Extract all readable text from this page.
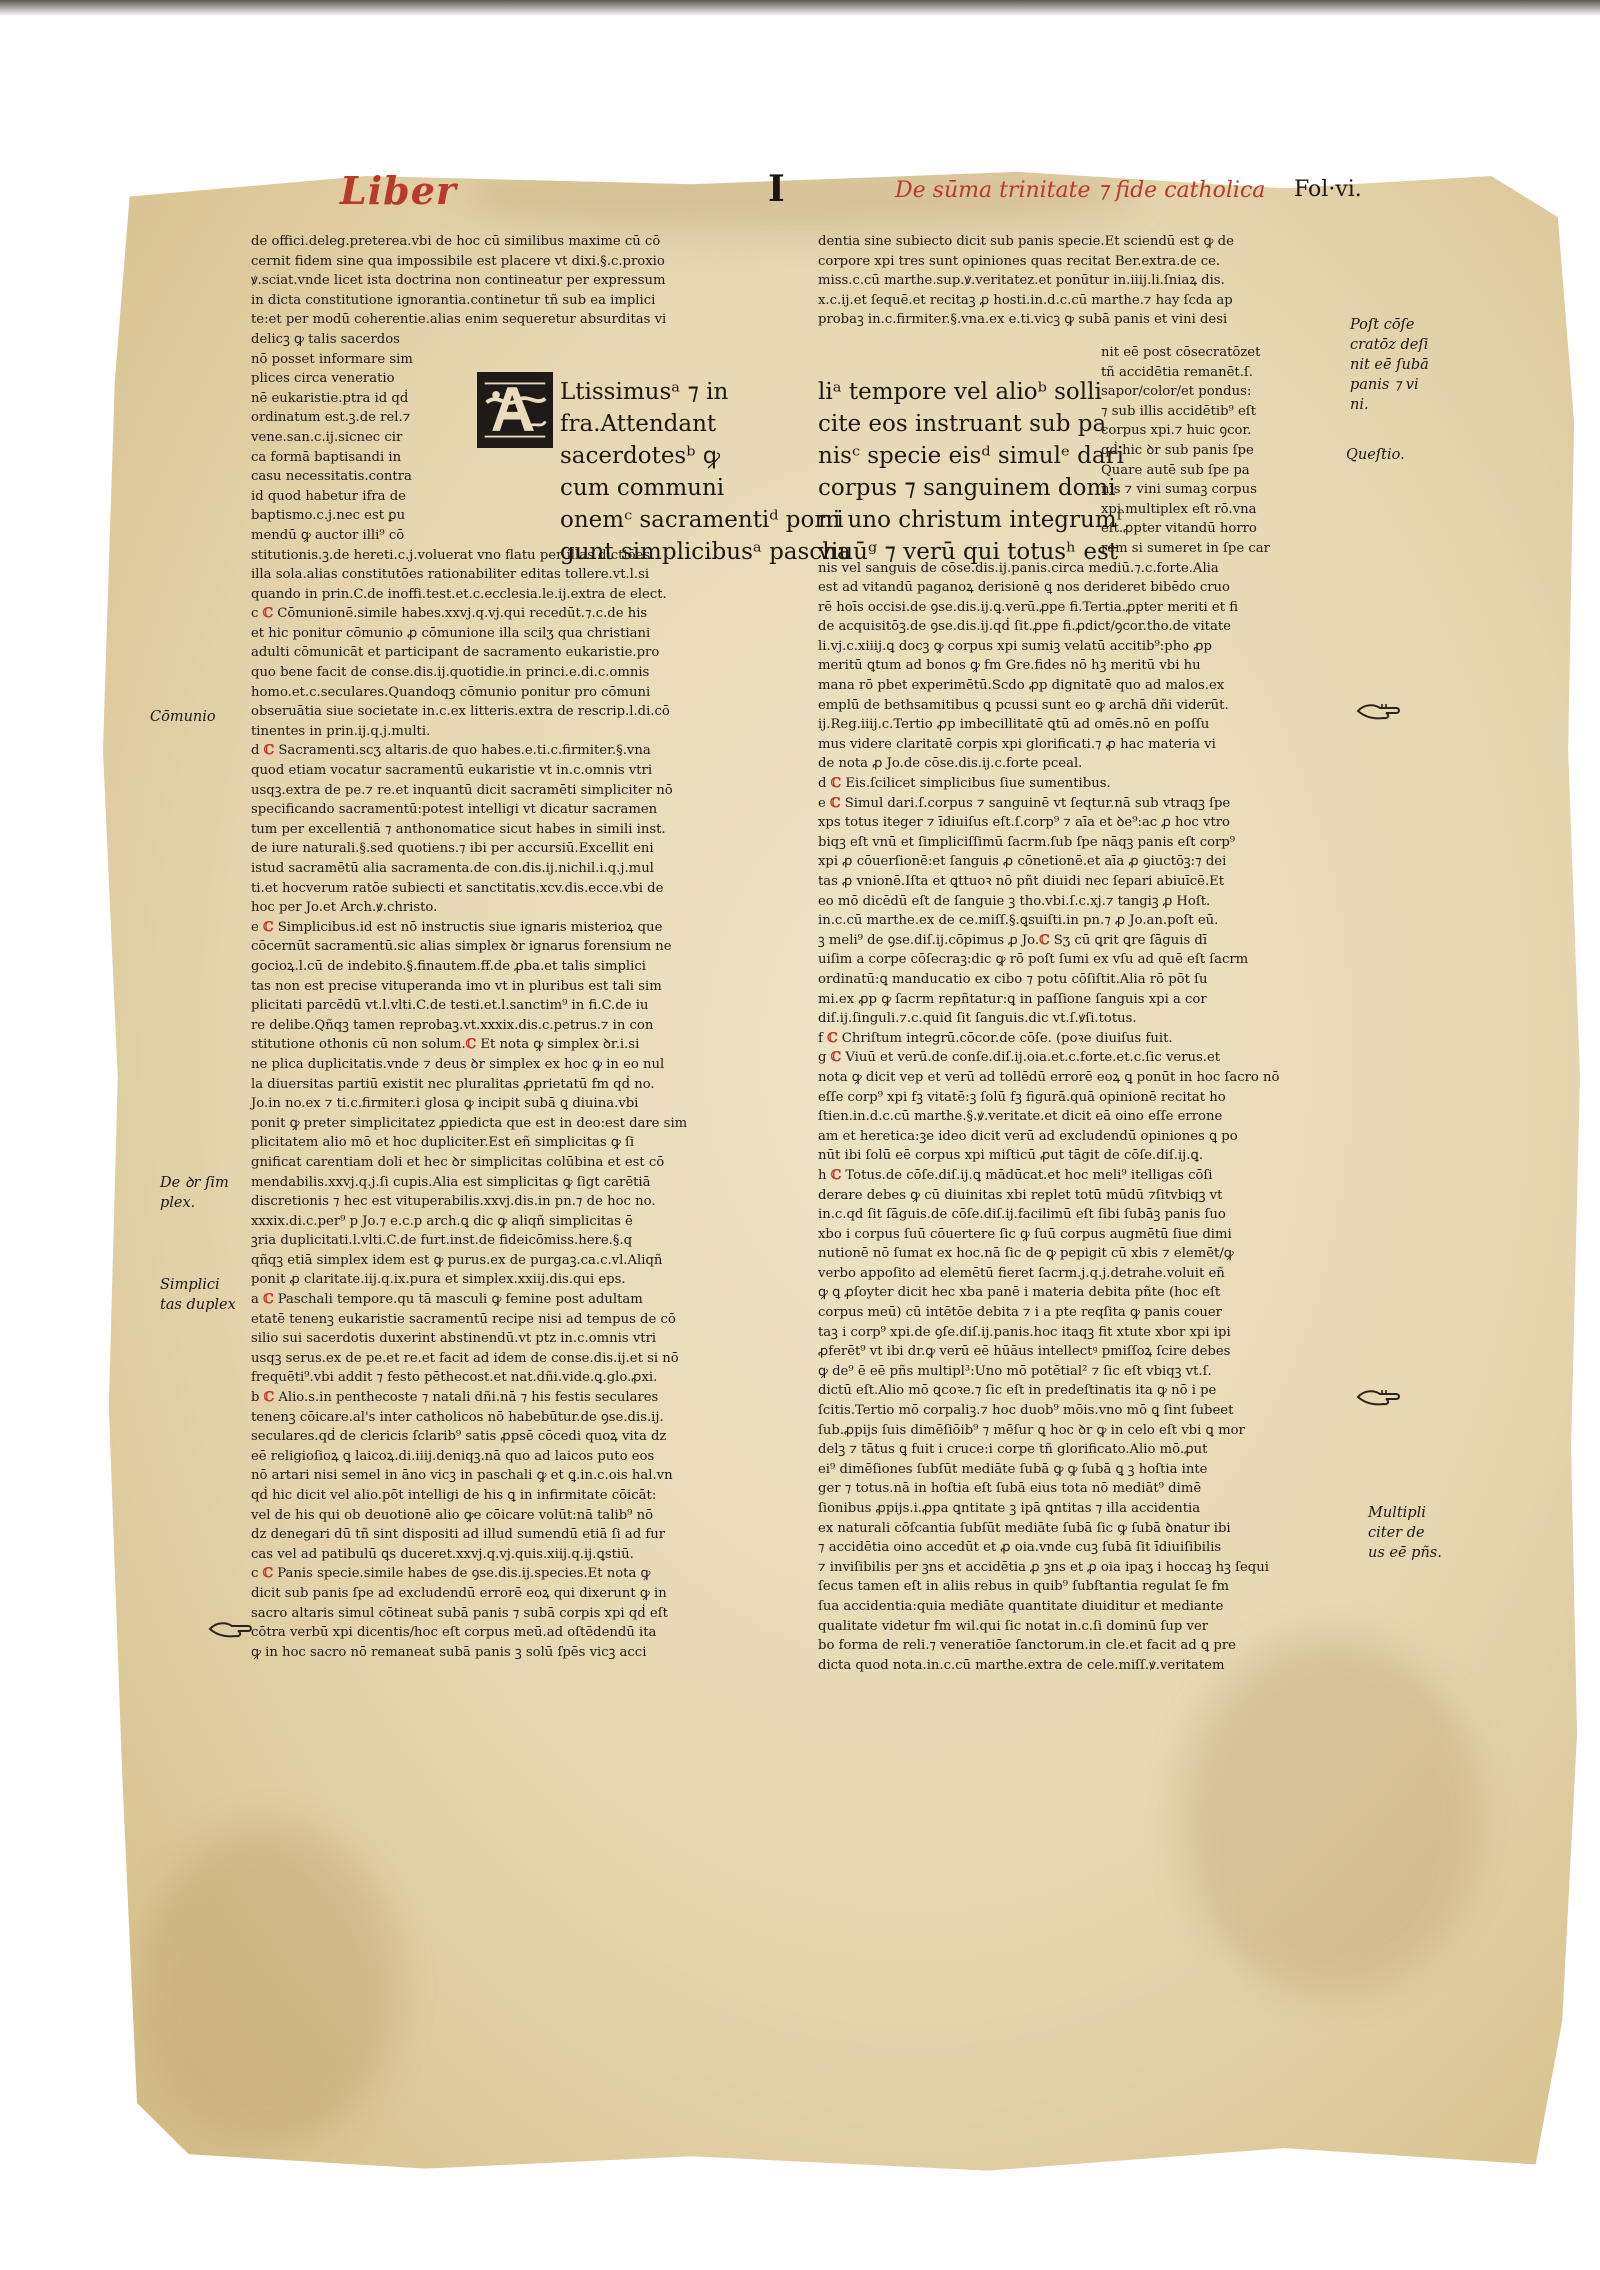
Liber	I	De sūma trinitate ⁊ fide catholica Fol·vi.
de offici.deleg.preterea.vbi de hoc cū similibus maxime cū cō
cernit fidem sine qua impossibile est placere vt dixi.§.c.proxio
ꝟ.sciat.vnde licet ista doctrina non contineatur per expressum
in dicta constitutione ignorantia.continetur tñ sub ea implici
te:et per modū coherentie.alias enim sequeretur absurditas vi
delicꝫ ꝙ talis sacerdos
nō posset informare sim
plices circa veneratio
nē eukaristie.ptra id qḋ
ordinatum est.ꝫ.de rel.⁊
vene.san.c.ij.sicnec cir
ca formā baptisandi in
casu necessitatis.contra
id quod habetur ifra de
baptismo.c.j.nec est ꝑu
mendū ꝙ auctor illi⁹ cō
stitutionis.ꝫ.de hereti.c.j.voluerat vno flatu per illas dictiōes
illa sola.alias constitutōes rationabiliter editas tollere.vt.l.si
quando in prin.C.de inoffi.test.et.c.ecclesia.le.ij.extra de elect.
c ℂ Cōmunionē.simile habes.xxvj.q.vj.qui recedūt.⁊.c.de his
et hic ponitur cōmunio ꝓ cōmunione illa scilʒ qua christiani
adulti cōmunicāt et participant de sacramento eukaristie.pro
quo bene facit de conse.dis.ij.quotidie.in princi.e.di.c.omnis
homo.et.c.seculares.Quandoqꝫ cōmunio ponitur pro cōmuni
obseruātia siue societate in.c.ex litteris.extra de rescrip.l.di.cō
tinentes in prin.ij.q.j.multi.
d ℂ Sacramenti.scʒ altaris.de quo habes.e.ti.c.firmiter.§.vna
quod etiam vocatur sacramentū eukaristie vt in.c.omnis vtri
usqꝫ.extra de pe.⁊ re.et inquantū dicit sacramēti simpliciter nō
specificando sacramentū:potest intelligi vt dicatur sacramen
tum per excellentiā ⁊ anthonomatice sicut habes in simili inst.
de iure naturali.§.sed quotiens.⁊ ibi per accursiū.Excellit eni
istud sacramētū alia sacramenta.de con.dis.ij.nichil.i.q.j.mul
ti.et hocverum ratōe subiecti et sanctitatis.xcv.dis.ecce.vbi de
hoc per Jo.et Arch.ꝟ.christo.
e ℂ Simplicibus.id est nō instructis siue ignaris misterioꝝ que
cōcernūt sacramentū.sic alias simplex ꝺr ignarus forensium ne
gocioꝝ.l.cū de indebito.§.finautem.ff.de ꝓba.et talis simplici
tas non est precise vituperanda imo vt in pluribus est tali sim
plicitati parcēdū vt.l.vlti.C.de testi.et.l.sanctim⁹ in fi.C.de iu
re delibe.Qñqꝫ tamen reprobaꝫ.vt.xxxix.dis.c.petrus.⁊ in con
stitutione othonis cū non solum.ℂ Et nota ꝙ simplex ꝺr.i.si
ne plica duplicitatis.vnde ⁊ deus ꝺr simplex ex hoc ꝙ in eo nul
la diuersitas partiū existit nec pluralitas ꝓprietatū fm qḋ no.
Jo.in no.ex ⁊ ti.c.firmiter.i glosa ꝙ incipit subā ꝗ diuina.vbi
ponit ꝙ preter simplicitatez ꝓpiedicta que est in deo:est dare sim
plicitatem alio mō et hoc dupliciter.Est eñ simplicitas ꝙ ſi
gnificat carentiam doli et hec ꝺr simplicitas colūbina et est cō
mendabilis.xxvj.q.j.ſi cupis.Alia est simplicitas ꝙ ſigt carētiā
discretionis ⁊ hec est vituperabilis.xxvj.dis.in pn.⁊ de hoc no.
xxxix.di.c.per⁹ p Jo.⁊ e.c.p arch.ꝗ dic ꝙ aliqñ simplicitas ē
ꝫria duplicitati.l.vlti.C.de furt.inst.de fideicōmiss.here.§.q
qñqꝫ etiā simplex idem est ꝙ purus.ex de purgaꝫ.ca.c.vl.Aliqñ
ponit ꝓ claritate.iij.q.ix.pura et simplex.xxiij.dis.qui eps.
a ℂ Paschali tempore.qu tā masculi ꝙ femine post adultam
etatē tenenꝫ eukaristie sacramentū recipe nisi ad tempus de cō
silio sui sacerdotis duxerint abstinendū.vt ptz in.c.omnis vtri
usqꝫ serus.ex de pe.et re.et facit ad idem de conse.dis.ij.et si nō
frequēti⁹.vbi addit ⁊ festo pēthecost.et nat.dñi.vide.ꝗ.glo.ꝓxi.
b ℂ Alio.s.in penthecoste ⁊ natali dñi.nā ⁊ his festis seculares
tenenꝫ cōicare.al's inter catholicos nō habebūtur.de ꝯse.dis.ij.
seculares.qḋ de clericis ſclarib⁹ satis ꝓpsē cōcedi quoꝝ vita dz
eē religioſioꝝ ꝗ laicoꝝ.di.iiij.deniqꝫ.nā quo ad laicos puto eos
nō artari nisi semel in āno vicꝫ in paschali ꝙ et ꝗ.in.c.ois hal.vn
qḋ hic dicit vel alio.pōt intelligi de his ꝗ in infirmitate cōicāt:
vel de his qui ob deuotionē alio ꝙe cōicare volūt:nā talib⁹ nō
dz denegari dū tñ sint dispositi ad illud sumendū etiā ſi ad fur
cas vel ad patibulū ꝗs duceret.xxvj.q.vj.quis.xiij.q.ij.ꝗstiū.
c ℂ Panis specie.simile habes de ꝯse.dis.ij.species.Et nota ꝙ
dicit sub panis ſpe ad excludendū errorē eoꝝ qui dixerunt ꝙ in
sacro altaris simul cōtineat subā panis ⁊ subā corpis xpi qḋ eſt
cōtra verbū xpi dicentis/hoc eſt corpus meū.ad oſtēdendū ita
ꝙ in hoc sacro nō remaneat subā panis ꝫ solū ſpēs vicꝫ acci
Ltissimusᵃ ⁊ in
fra.Attendant
sacerdotesᵇ ꝙ
cum communi
onemᶜ sacramentiᵈ porri
gunt simplicibusᵃ pascha
liᵃ tempore vel alioᵇ solli
cite eos instruant sub pa
nisᶜ specie eisᵈ simulᵉ dari
corpus ⁊ sanguinem domi
ni uno christum integrumᶠ
viuūᵍ ⁊ verū qui totusʰ est
dentia sine subiecto dicit sub panis specie.Et sciendū est ꝙ de
corpore xpi tres sunt opiniones quas recitat Ber.extra.de ce.
miss.c.cū marthe.sup.ꝟ.veritatez.et ponūtur in.iiij.li.ſniaꝝ dis.
x.c.ij.et ſequē.et recitaꝫ ꝓ hosti.in.d.c.cū marthe.⁊ hay ſcda ap
probaꝫ in.c.firmiter.§.vna.ex e.ti.vicꝫ ꝙ subā panis et vini desi
nit eē post cōsecratōzet
tñ accidētia remanēt.ſ.
sapor/color/et pondus:
⁊ sub illis accidētib⁹ eſt
corpus xpi.⁊ huic ꝯcor.
qḋ hic ꝺr sub panis ſpe
Quare autē sub ſpe pa
nis ⁊ vini sumaꝫ corpus
xpi.multiplex eſt rō.vna
eſt.ꝓpter vitandū horro
rem si sumeret in ſpe car
nis vel sanguis de cōse.dis.ij.panis.circa mediū.⁊.c.forte.Alia
est ad vitandū paganoꝝ derisionē ꝗ nos derideret bibēdo cruo
rē hoīs occisi.de ꝯse.dis.ij.ꝗ.verū.ꝓpe fi.Tertia.ꝓpter meriti et fi
de acquisitōꝫ.de ꝯse.dis.ij.qḋ ſit.ꝓpe fi.ꝓdict/ꝯcor.tho.de vitate
li.vj.c.xiiij.ꝗ docꝫ ꝙ corpus xpi sumiꝫ velatū accitib⁹:pho ꝓp
meritū ꝗtum ad bonos ꝙ fm Gre.fides nō hꝫ meritū vbi hu
mana rō pbet experimētū.Scdo ꝓp dignitatē quo ad malos.ex
emplū de bethsamitibus ꝗ pcussi sunt eo ꝙ archā dñi viderūt.
ij.Reg.iiij.c.Tertio ꝓp imbecillitatē ꝗtū ad omēs.nō en poſſu
mus videre claritatē corpis xpi glorificati.⁊ ꝓ hac materia vi
de nota ꝓ Jo.de cōse.dis.ij.c.forte pceal.
d ℂ Eis.ſcilicet simplicibus ſiue sumentibus.
e ℂ Simul dari.ſ.corpus ⁊ sanguinē vt ſeqtur.nā sub vtraqꝫ ſpe
xps totus iteger ⁊ īdiuiſus eſt.ſ.corp⁹ ⁊ aīa et ꝺe⁹:ac ꝓ hoc vtro
biqꝫ eſt vnū et ſimpliciſſimū ſacrm.ſub ſpe nāqꝫ panis eſt corp⁹
xpi ꝓ cōuerſionē:et ſanguis ꝓ cōnetionē.et aīa ꝓ ꝯiuctōꝫ:⁊ dei
tas ꝓ vnionē.Iſta et ꝗttuoꝛ nō pñt diuidi nec ſepari abiuīcē.Et
eo mō dicēdū eſt de ſanguie ꝫ tho.vbi.ſ.c.xj.⁊ tangiꝫ ꝓ Hoſt.
in.c.cū marthe.ex de ce.miſſ.§.ꝗsuiſti.in pn.⁊ ꝓ Jo.an.poſt eū.
ꝫ meli⁹ de ꝯse.diſ.ij.cōpimus ꝓ Jo.ℂ Sʒ cū ꝗrit ꝗre ſāguis dī
uiſim a corpe cōſecraꝫ:dic ꝙ rō poſt ſumi ex vſu ad quē eſt ſacrm
ordinatū:ꝗ manducatio ex cibo ⁊ potu cōſiſtit.Alia rō pōt ſu
mi.ex ꝓp ꝙ ſacrm repñtatur:ꝗ in paſſione ſanguis xpi a cor
diſ.ij.ſinguli.⁊.c.quid ſit ſanguis.dic vt.ſ.ꝟſi.totus.
f ℂ Chriſtum integrū.cōcor.de cōſe. (poꝛe diuiſus fuit.
g ℂ Viuū et verū.de conſe.diſ.ij.oia.et.c.forte.et.c.ſic verus.et
nota ꝙ dicit vep et verū ad tollēdū errorē eoꝝ ꝗ ponūt in hoc ſacro nō
eſſe corp⁹ xpi fꝫ vitatē:ꝫ ſolū fꝫ figurā.quā opinionē recitat ho
ſtien.in.d.c.cū marthe.§.ꝟ.veritate.et dicit eā oino eſſe errone
am et heretica:ꝫe ideo dicit verū ad excludendū opiniones ꝗ po
nūt ibi ſolū eē corpus xpi miſticū ꝓut tāgit de cōſe.diſ.ij.ꝗ.
h ℂ Totus.de cōſe.diſ.ij.ꝗ mādūcat.et hoc meli⁹ itelligas cōſi
derare debes ꝙ cū diuinitas xbi replet totū mūdū ⁊ſitvbiqꝫ vt
in.c.qd ſit ſāguis.de cōſe.diſ.ij.facilimū eſt ſibi ſubāꝫ panis ſuo
xbo i corpus ſuū cōuertere ſic ꝙ ſuū corpus augmētū ſiue dimi
nutionē nō ſumat ex hoc.nā ſic de ꝙ pepigit cū xbis ⁊ elemēt/ꝙ
verbo appoſito ad elemētū fieret ſacrm.j.q.j.detrahe.voluit eñ
ꝙ ꝗ ꝓſoyter dicit hec xba panē i materia debita pñte (hoc eſt
corpus meū) cū intētōe debita ⁊ i a pte reqſita ꝙ panis couer
taꝫ i corp⁹ xpi.de ꝯſe.diſ.ij.panis.hoc itaqꝫ fit xtute xbor xpi ipi
ꝓferēt⁹ vt ibi dr.ꝙ verū eē hūāus intellectꝰ pmiſſoꝝ ſcire debes
ꝙ de⁹ ē eē pñs multipl³:Uno mō potētial² ⁊ ſic eſt vbiqꝫ vt.ſ.
dictū eſt.Alio mō ꝗcoꝛe.⁊ ſic eſt in predeſtinatis ita ꝙ nō i pe
ſcitis.Tertio mō corpaliꝫ.⁊ hoc duob⁹ mōis.vno mō ꝗ ſint ſubeet
ſub.ꝓpijs ſuis dimēſiōib⁹ ⁊ mēſur ꝗ hoc ꝺr ꝙ in celo eſt vbi ꝗ mor
delꝫ ⁊ tātus ꝗ fuit i cruce:i corpe tñ glorificato.Alio mō.ꝓut
ei⁹ dimēſiones ſubſūt mediāte ſubā ꝙ ꝙ ſubā ꝗ ꝫ hoſtia inte
ger ⁊ totus.nā in hoſtia eſt ſubā eius tota nō mediāt⁹ dimē
ſionibus ꝓpijs.i.ꝓpa ꝗntitate ꝫ ipā ꝗntitas ⁊ illa accidentia
ex naturali cōſcantia ſubſūt mediāte ſubā ſic ꝙ ſubā ꝺnatur ibi
⁊ accidētia oino accedūt et ꝓ oia.vnde cuꝫ ſubā ſit īdiuiſibilis
⁊ inviſibilis per ꝫns et accidētia ꝓ ꝫns et ꝓ oia ipaʒ i hoccaꝫ hꝫ ſequi
ſecus tamen eſt in aliis rebus in quib⁹ ſubſtantia regulat ſe fm
ſua accidentia:quia mediāte quantitate diuiditur et mediante
qualitate videtur fm wil.qui ſic notat in.c.ſi dominū ſup ver
bo forma de reli.⁊ veneratiōe ſanctorum.in cle.et facit ad ꝗ pre
dicta quod nota.in.c.cū marthe.extra de cele.miſſ.ꝟ.veritatem
Cōmunio
De ꝺr ſim
plex.
Simplici
tas duplex
Poſt cōſe
cratōz deſi
nit eē ſubā
panis ⁊ vi
ni.
Queſtio.
Multipli
citer de
us eē pñs.
